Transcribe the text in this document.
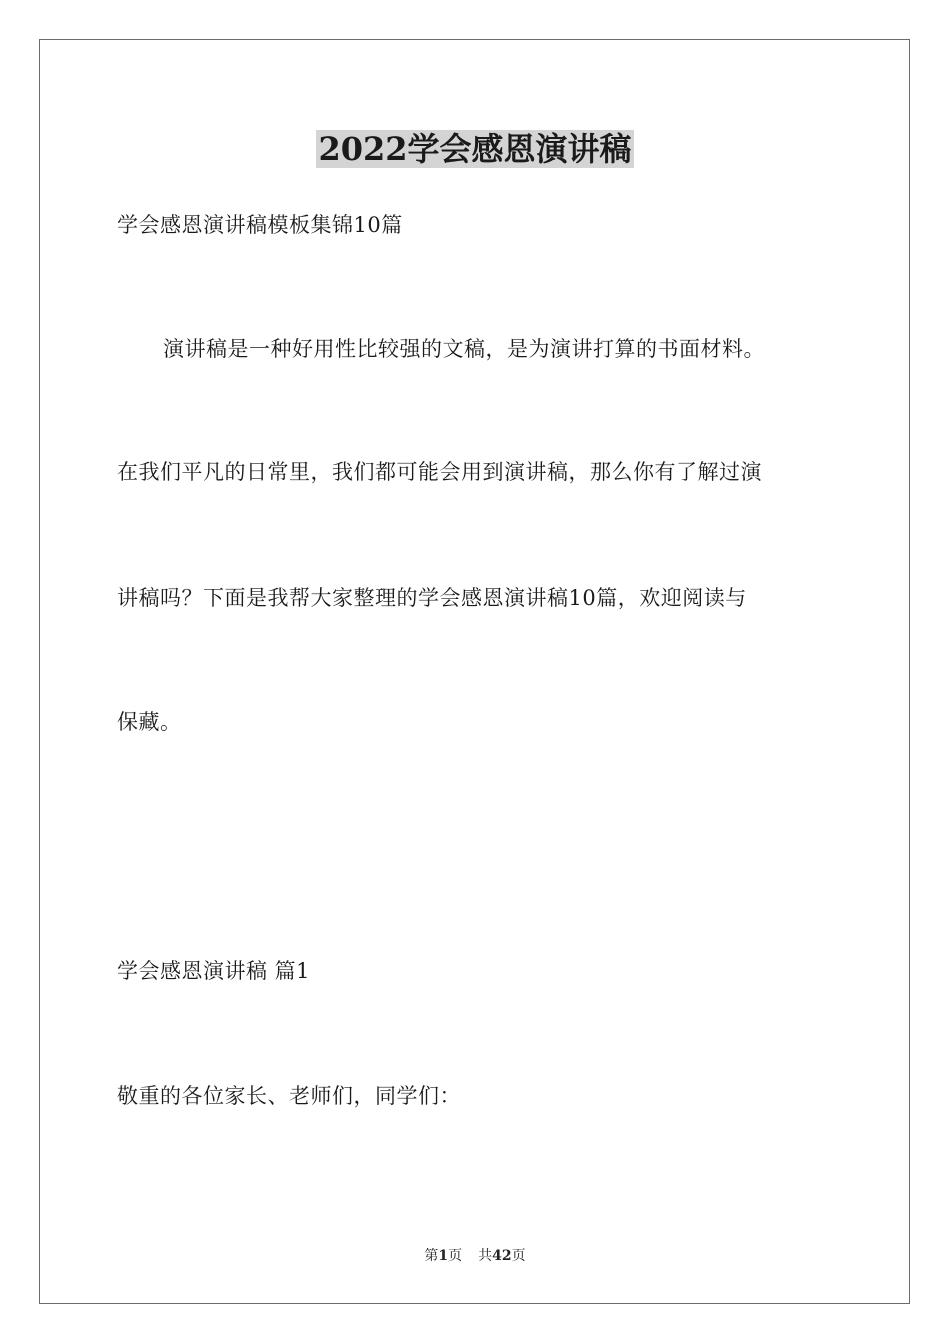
2022学会感恩演讲稿
学会感恩演讲稿模板集锦10篇
演讲稿是一种好用性比较强的文稿，是为演讲打算的书面材料。
在我们平凡的日常里，我们都可能会用到演讲稿，那么你有了解过演
讲稿吗？下面是我帮大家整理的学会感恩演讲稿10篇，欢迎阅读与
保藏。
学会感恩演讲稿 篇1
敬重的各位家长、老师们，同学们：
第1页 共42页
